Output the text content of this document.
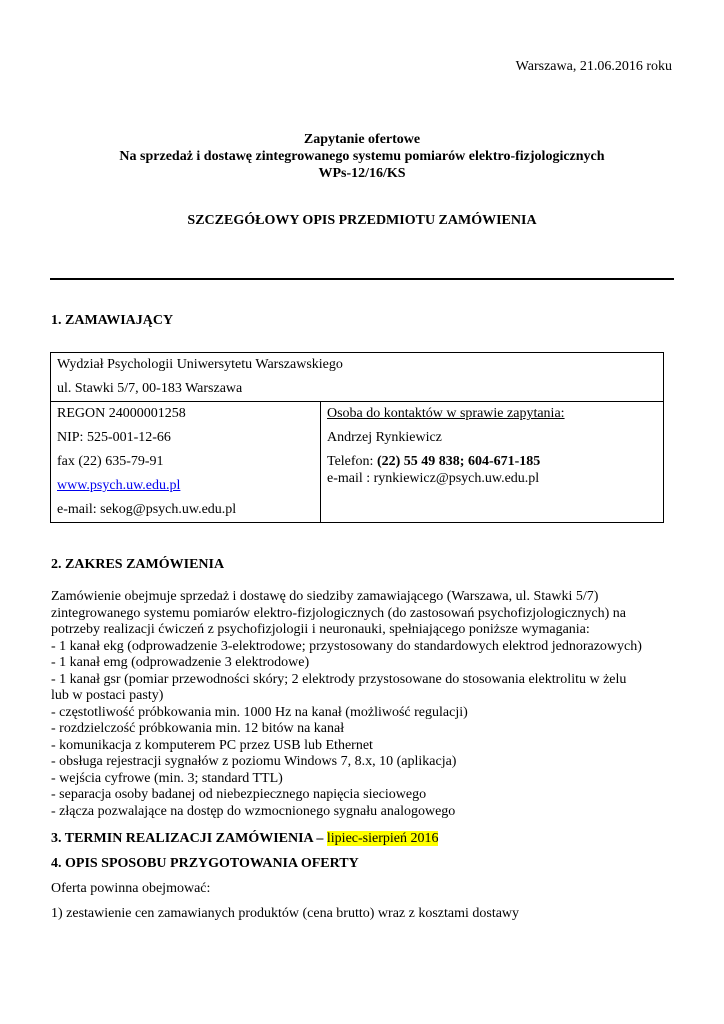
Warszawa, 21.06.2016 roku
Zapytanie ofertowe
Na sprzedaż i dostawę zintegrowanego systemu pomiarów elektro-fizjologicznych
WPs-12/16/KS
SZCZEGÓŁOWY OPIS PRZEDMIOTU ZAMÓWIENIA
1. ZAMAWIAJĄCY
Wydział Psychologii Uniwersytetu Warszawskiego
ul. Stawki 5/7, 00-183 Warszawa

REGON 24000001258
NIP: 525-001-12-66
fax (22) 635-79-91
www.psych.uw.edu.pl
e-mail: sekog@psych.uw.edu.pl

Osoba do kontaktów w sprawie zapytania:
Andrzej Rynkiewicz
Telefon: (22) 55 49 838; 604-671-185
e-mail : rynkiewicz@psych.uw.edu.pl
2. ZAKRES ZAMÓWIENIA
Zamówienie obejmuje sprzedaż i dostawę do siedziby zamawiającego (Warszawa, ul. Stawki 5/7)
zintegrowanego systemu pomiarów elektro-fizjologicznych (do zastosowań psychofizjologicznych) na
potrzeby realizacji ćwiczeń z psychofizjologii i neuronauki, spełniającego poniższe wymagania:
- 1 kanał ekg (odprowadzenie 3-elektrodowe; przystosowany do standardowych elektrod jednorazowych)
- 1 kanał emg (odprowadzenie 3 elektrodowe)
- 1 kanał gsr (pomiar przewodności skóry; 2 elektrody przystosowane do stosowania elektrolitu w żelu
lub w postaci pasty)
- częstotliwość próbkowania min. 1000 Hz na kanał (możliwość regulacji)
- rozdzielczość próbkowania min. 12 bitów na kanał
- komunikacja z komputerem PC przez USB lub Ethernet
- obsługa rejestracji sygnałów z poziomu Windows 7, 8.x, 10 (aplikacja)
- wejścia cyfrowe (min. 3; standard TTL)
- separacja osoby badanej od niebezpiecznego napięcia sieciowego
- złącza pozwalające na dostęp do wzmocnionego sygnału analogowego
3. TERMIN REALIZACJI ZAMÓWIENIA – lipiec-sierpień 2016
4. OPIS SPOSOBU PRZYGOTOWANIA OFERTY
Oferta powinna obejmować:
1) zestawienie cen zamawianych produktów (cena brutto) wraz z kosztami dostawy
